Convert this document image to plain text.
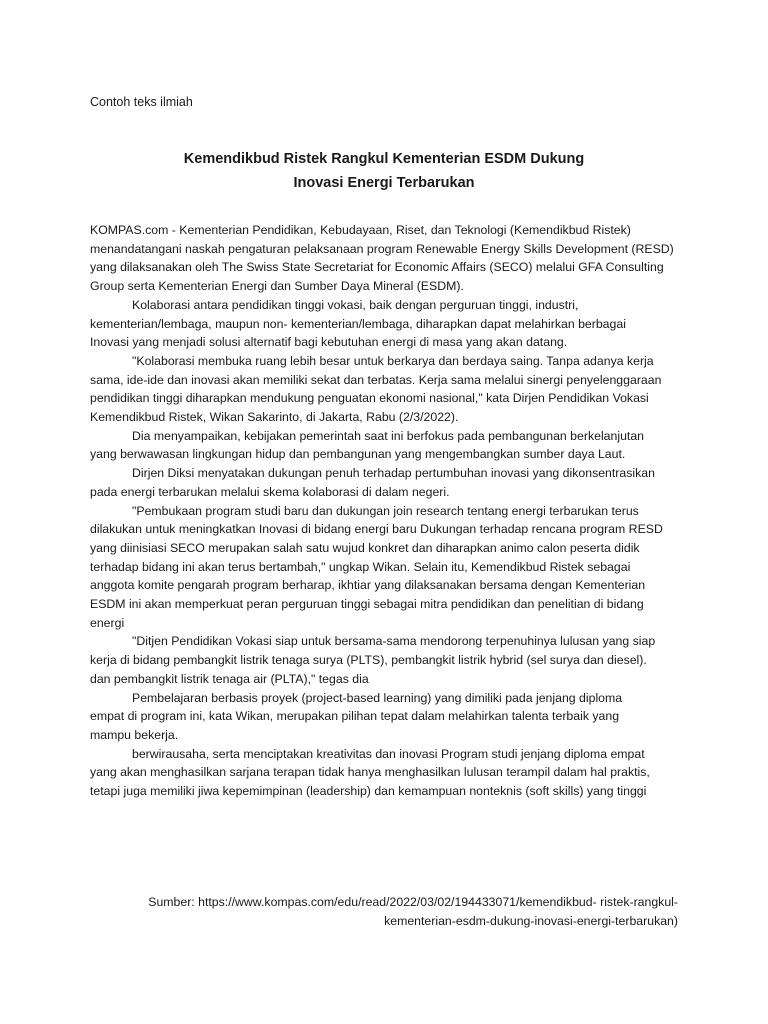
Contoh teks ilmiah
Kemendikbud Ristek Rangkul Kementerian ESDM Dukung
Inovasi Energi Terbarukan

KOMPAS.com - Kementerian Pendidikan, Kebudayaan, Riset, dan Teknologi (Kemendikbud Ristek)
menandatangani naskah pengaturan pelaksanaan program Renewable Energy Skills Development (RESD)
yang dilaksanakan oleh The Swiss State Secretariat for Economic Affairs (SECO) melalui GFA Consulting
Group serta Kementerian Energi dan Sumber Daya Mineral (ESDM).

Kolaborasi antara pendidikan tinggi vokasi, baik dengan perguruan tinggi, industri,
kementerian/lembaga, maupun non- kementerian/lembaga, diharapkan dapat melahirkan berbagai
Inovasi yang menjadi solusi alternatif bagi kebutuhan energi di masa yang akan datang.

"Kolaborasi membuka ruang lebih besar untuk berkarya dan berdaya saing. Tanpa adanya kerja
sama, ide-ide dan inovasi akan memiliki sekat dan terbatas. Kerja sama melalui sinergi penyelenggaraan
pendidikan tinggi diharapkan mendukung penguatan ekonomi nasional," kata Dirjen Pendidikan Vokasi
Kemendikbud Ristek, Wikan Sakarinto, di Jakarta, Rabu (2/3/2022).

Dia menyampaikan, kebijakan pemerintah saat ini berfokus pada pembangunan berkelanjutan
yang berwawasan lingkungan hidup dan pembangunan yang mengembangkan sumber daya Laut.

Dirjen Diksi menyatakan dukungan penuh terhadap pertumbuhan inovasi yang dikonsentrasikan
pada energi terbarukan melalui skema kolaborasi di dalam negeri.

"Pembukaan program studi baru dan dukungan join research tentang energi terbarukan terus
dilakukan untuk meningkatkan Inovasi di bidang energi baru Dukungan terhadap rencana program RESD
yang diinisiasi SECO merupakan salah satu wujud konkret dan diharapkan animo calon peserta didik
terhadap bidang ini akan terus bertambah," ungkap Wikan. Selain itu, Kemendikbud Ristek sebagai
anggota komite pengarah program berharap, ikhtiar yang dilaksanakan bersama dengan Kementerian
ESDM ini akan memperkuat peran perguruan tinggi sebagai mitra pendidikan dan penelitian di bidang
energi

"Ditjen Pendidikan Vokasi siap untuk bersama-sama mendorong terpenuhinya lulusan yang siap
kerja di bidang pembangkit listrik tenaga surya (PLTS), pembangkit listrik hybrid (sel surya dan diesel).
dan pembangkit listrik tenaga air (PLTA)," tegas dia

Pembelajaran berbasis proyek (project-based learning) yang dimiliki pada jenjang diploma
empat di program ini, kata Wikan, merupakan pilihan tepat dalam melahirkan talenta terbaik yang
mampu bekerja.

berwirausaha, serta menciptakan kreativitas dan inovasi Program studi jenjang diploma empat
yang akan menghasilkan sarjana terapan tidak hanya menghasilkan lulusan terampil dalam hal praktis,
tetapi juga memiliki jiwa kepemimpinan (leadership) dan kemampuan nonteknis (soft skills) yang tinggi

Sumber: https://www.kompas.com/edu/read/2022/03/02/194433071/kemendikbud- ristek-rangkul-
kementerian-esdm-dukung-inovasi-energi-terbarukan)
